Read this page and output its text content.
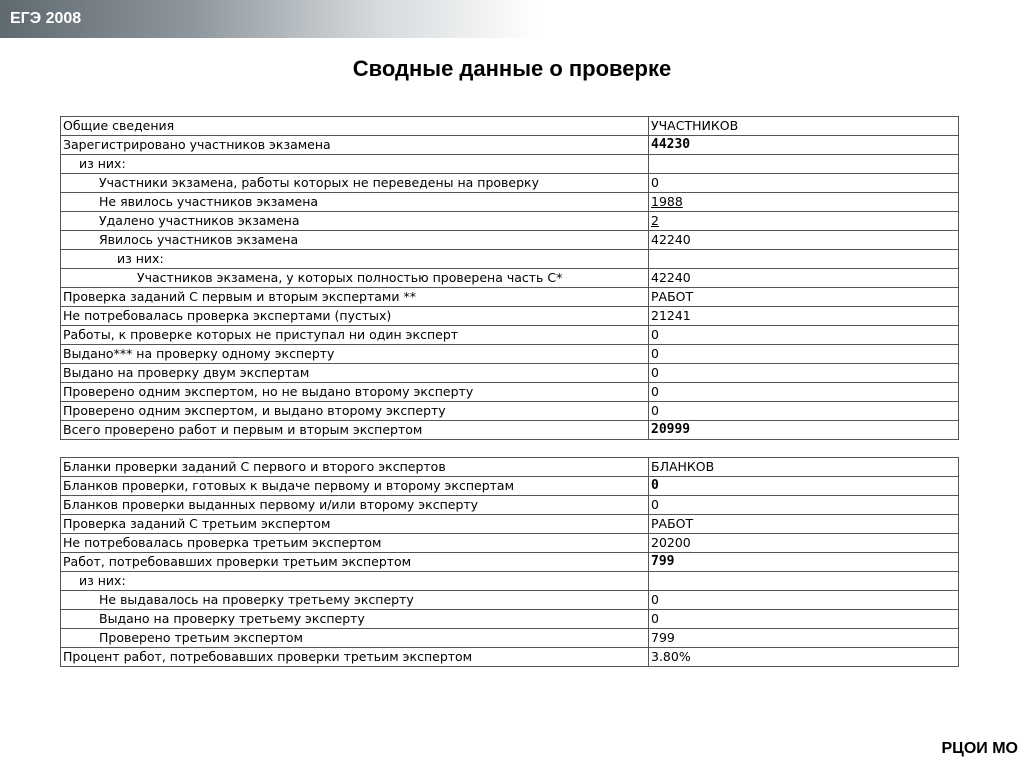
ЕГЭ 2008
Сводные данные о проверке
Общие сведения	УЧАСТНИКОВ
Зарегистрировано участников экзамена	44230
из них:	
Участники экзамена, работы которых не переведены на проверку	0
Не явилось участников экзамена	1988
Удалено участников экзамена	2
Явилось участников экзамена	42240
из них:	
Участников экзамена, у которых полностью проверена часть С*	42240
Проверка заданий С первым и вторым экспертами **	РАБОТ
Не потребовалась проверка экспертами (пустых)	21241
Работы, к проверке которых не приступал ни один эксперт	0
Выдано*** на проверку одному эксперту	0
Выдано на проверку двум экспертам	0
Проверено одним экспертом, но не выдано второму эксперту	0
Проверено одним экспертом, и выдано второму эксперту	0
Всего проверено работ и первым и вторым экспертом	20999
Бланки проверки заданий С первого и второго экспертов	БЛАНКОВ
Бланков проверки, готовых к выдаче первому и второму экспертам	0
Бланков проверки выданных первому и/или второму эксперту	0
Проверка заданий С третьим экспертом	РАБОТ
Не потребовалась проверка третьим экспертом	20200
Работ, потребовавших проверки третьим экспертом	799
из них:	
Не выдавалось на проверку третьему эксперту	0
Выдано на проверку третьему эксперту	0
Проверено третьим экспертом	799
Процент работ, потребовавших проверки третьим экспертом	3.80%
РЦОИ МО
